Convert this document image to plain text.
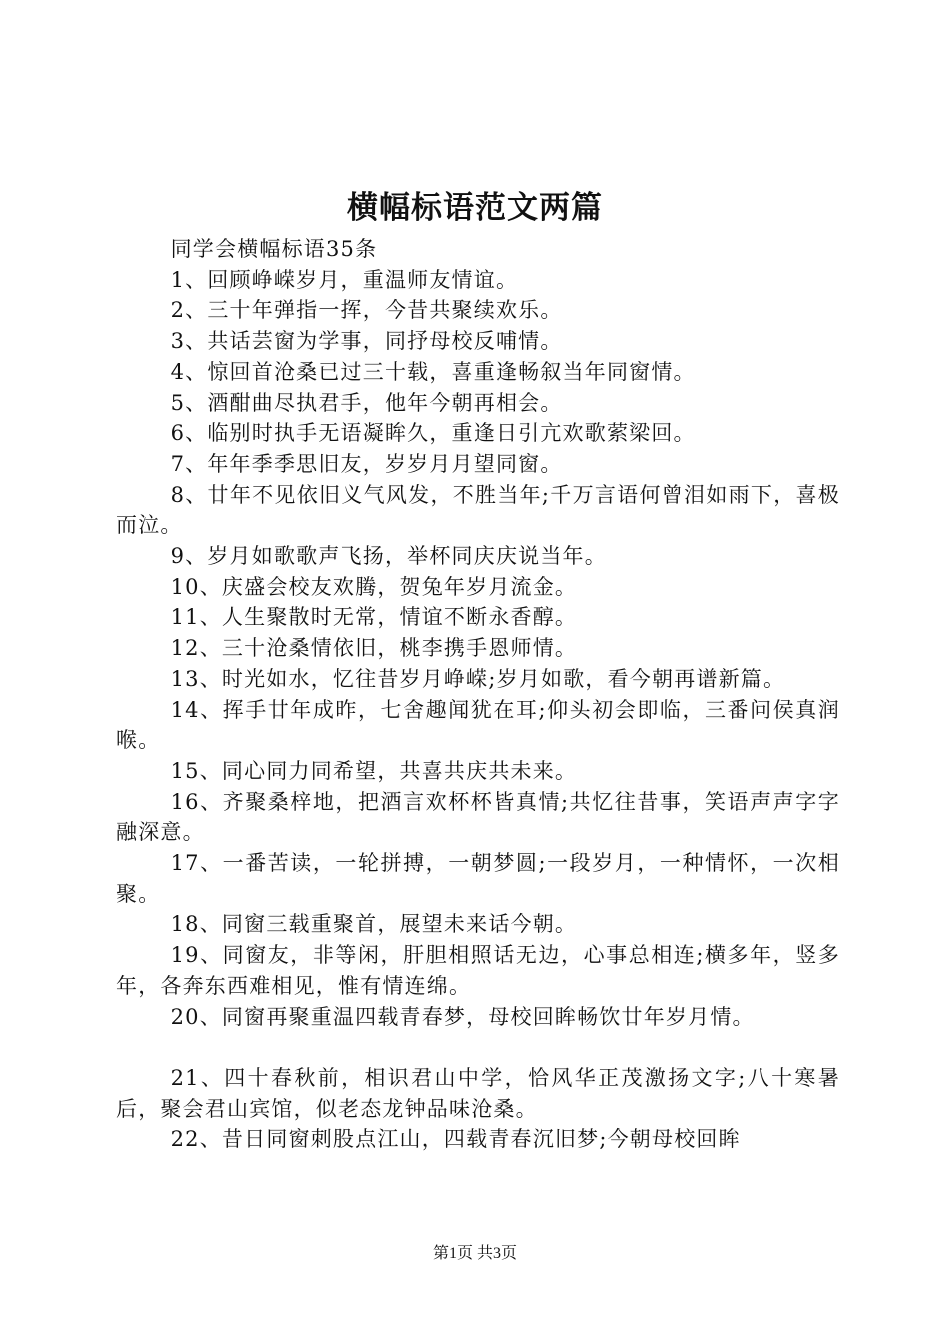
横幅标语范文两篇

同学会横幅标语35条

1、回顾峥嵘岁月，重温师友情谊。

2、三十年弹指一挥，今昔共聚续欢乐。

3、共话芸窗为学事，同抒母校反哺情。

4、惊回首沧桑已过三十载，喜重逢畅叙当年同窗情。

5、酒酣曲尽执君手，他年今朝再相会。

6、临别时执手无语凝眸久，重逢日引亢欢歌萦梁回。

7、年年季季思旧友，岁岁月月望同窗。

8、廿年不见依旧义气风发，不胜当年;千万言语何曾泪如雨下，喜极而泣。

9、岁月如歌歌声飞扬，举杯同庆庆说当年。

10、庆盛会校友欢腾，贺兔年岁月流金。

11、人生聚散时无常，情谊不断永香醇。

12、三十沧桑情依旧，桃李携手恩师情。

13、时光如水，忆往昔岁月峥嵘;岁月如歌，看今朝再谱新篇。

14、挥手廿年成昨，七舍趣闻犹在耳;仰头初会即临，三番问侯真润喉。

15、同心同力同希望，共喜共庆共未来。

16、齐聚桑梓地，把酒言欢杯杯皆真情;共忆往昔事，笑语声声字字融深意。

17、一番苦读，一轮拼搏，一朝梦圆;一段岁月，一种情怀，一次相聚。

18、同窗三载重聚首，展望未来话今朝。

19、同窗友，非等闲，肝胆相照话无边，心事总相连;横多年，竖多年，各奔东西难相见，惟有情连绵。

20、同窗再聚重温四载青春梦，母校回眸畅饮廿年岁月情。

21、四十春秋前，相识君山中学，恰风华正茂激扬文字;八十寒暑后，聚会君山宾馆，似老态龙钟品味沧桑。

22、昔日同窗刺股点江山，四载青春沉旧梦;今朝母校回眸

第1页 共3页
